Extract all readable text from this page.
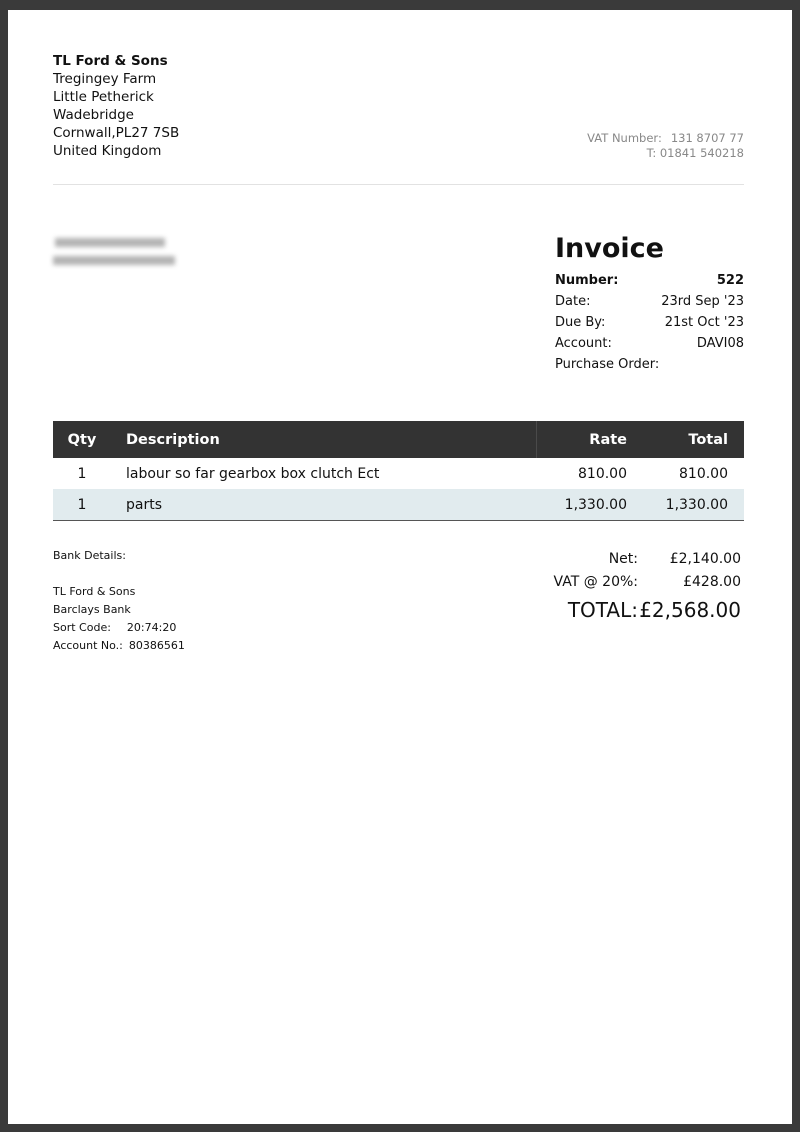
TL Ford & Sons
Tregingey Farm
Little Petherick
Wadebridge
Cornwall,PL27 7SB
United Kingdom
VAT Number: 131 8707 77
T: 01841 540218
Invoice
Number:	522
Date:	23rd Sep '23
Due By:	21st Oct '23
Account:	DAVI08
Purchase Order:
Qty	Description	Rate	Total
1	labour so far gearbox box clutch Ect	810.00	810.00
1	parts	1,330.00	1,330.00
Bank Details:
TL Ford & Sons
Barclays Bank
Sort Code: 20:74:20
Account No.: 80386561
Net:	£2,140.00
VAT @ 20%:	£428.00
TOTAL: £2,568.00
